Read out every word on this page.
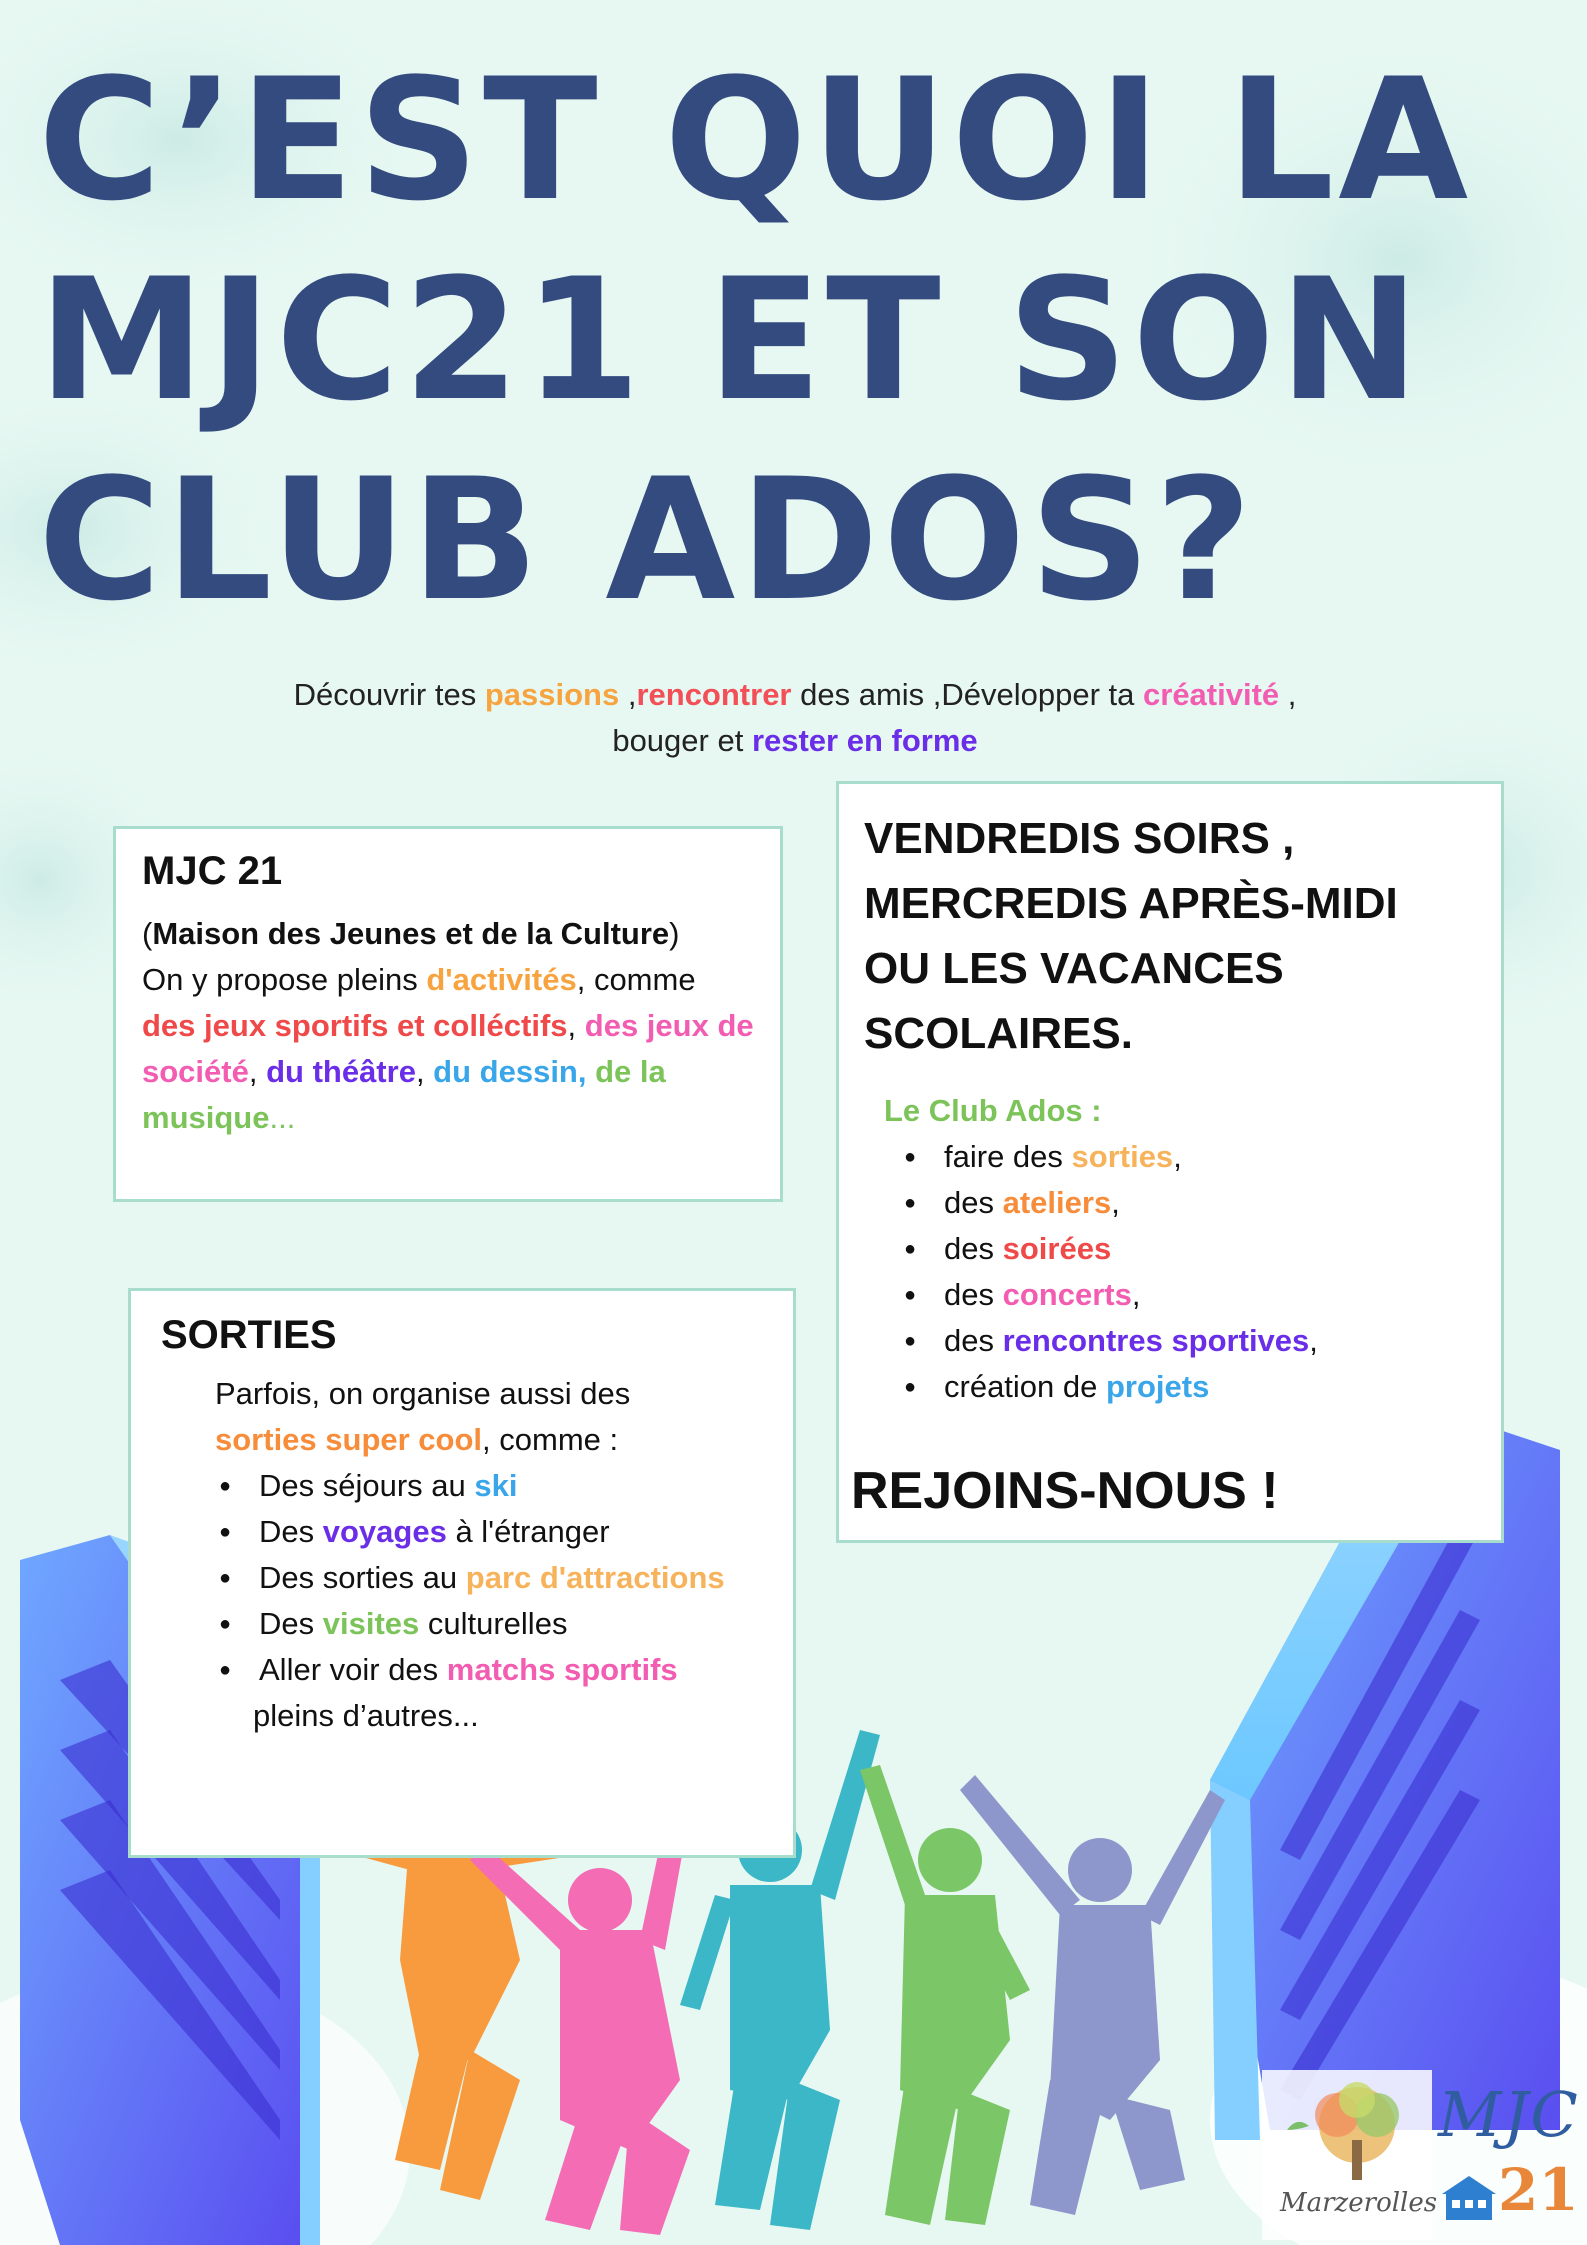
C’EST QUOI LA
MJC21 ET SON
CLUB ADOS?
Découvrir tes passions ,rencontrer des amis ,Développer ta créativité ,
bouger et rester en forme
MJC 21

(Maison des Jeunes et de la Culture)

On y propose pleins d'activités, comme des jeux sportifs et colléctifs, des jeux de société, du théâtre, du dessin, de la musique...

VENDREDIS SOIRS ,
MERCREDIS APRÈS-MIDI
OU LES VACANCES
SCOLAIRES.
Le Club Ados :
● faire des sorties,
● des ateliers,
● des soirées
● des concerts,
● des rencontres sportives,
● création de projets
REJOINS-NOUS !
SORTIES

Parfois, on organise aussi des
sorties super cool, comme :

● Des séjours au ski
● Des voyages à l'étranger
● Des sorties au parc d'attractions
● Des visites culturelles
● Aller voir des matchs sportifs

pleins d’autres...

Marzerolles
MJC
21
